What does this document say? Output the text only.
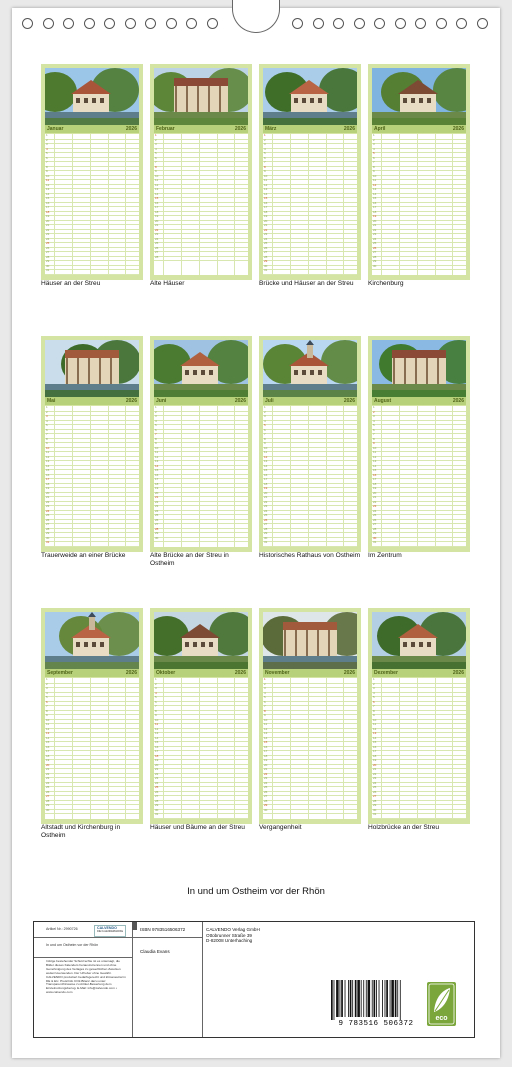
Januar	2026
1
2
3
4
5
6
7
8
9
10
11
12
13
14
15
16
17
18
19
20
21
22
23
24
25
26
27
28
29
30
31
Häuser an der Streu
Februar	2026
1
2
3
4
5
6
7
8
9
10
11
12
13
14
15
16
17
18
19
20
21
22
23
24
25
26
27
28
Alte Häuser
März	2026
1
2
3
4
5
6
7
8
9
10
11
12
13
14
15
16
17
18
19
20
21
22
23
24
25
26
27
28
29
30
31
Brücke und Häuser an der Streu
April	2026
1
2
3
4
5
6
7
8
9
10
11
12
13
14
15
16
17
18
19
20
21
22
23
24
25
26
27
28
29
30
Kirchenburg
Mai	2026
1
2
3
4
5
6
7
8
9
10
11
12
13
14
15
16
17
18
19
20
21
22
23
24
25
26
27
28
29
30
31
Trauerweide an einer Brücke
Juni	2026
1
2
3
4
5
6
7
8
9
10
11
12
13
14
15
16
17
18
19
20
21
22
23
24
25
26
27
28
29
30
Alte Brücke an der Streu in Ostheim
Juli	2026
1
2
3
4
5
6
7
8
9
10
11
12
13
14
15
16
17
18
19
20
21
22
23
24
25
26
27
28
29
30
31
Historisches Rathaus von Ostheim
August	2026
1
2
3
4
5
6
7
8
9
10
11
12
13
14
15
16
17
18
19
20
21
22
23
24
25
26
27
28
29
30
31
Im Zentrum
September	2026
1
2
3
4
5
6
7
8
9
10
11
12
13
14
15
16
17
18
19
20
21
22
23
24
25
26
27
28
29
30
Altstadt und Kirchenburg in Ostheim
Oktober	2026
1
2
3
4
5
6
7
8
9
10
11
12
13
14
15
16
17
18
19
20
21
22
23
24
25
26
27
28
29
30
31
Häuser und Bäume an der Streu
November	2026
1
2
3
4
5
6
7
8
9
10
11
12
13
14
15
16
17
18
19
20
21
22
23
24
25
26
27
28
29
30
Vergangenheit
Dezember	2026
1
2
3
4
5
6
7
8
9
10
11
12
13
14
15
16
17
18
19
20
21
22
23
24
25
26
27
28
29
30
31
Holzbrücke an der Streu
In und um Ostheim vor der Rhön
Artikel Nr.: 2990726	CALVENDO
DIE KALENDERMARKE
In und um Ostheim vor der Rhön
Infolge bestehender Schutzrechte ist es untersagt, die Bilder dieses Kalenders herauszutrennen und ohne Genehmigung des Verlages zu gewerblichen Zwecken weiterzuverwenden. Der Urheber ohne Gewähr. CALVENDO produziert bedarfsgerecht und klimaneutral in DE & EU. Preis/Info CO2-Bilanz dazu unter: Transparenzhinweise zu Artikel-Bewertung dem Einzelnutzungsbezug. E-Mail: info@calvendo.com • www.calvendo.com
ISBN 9783516506372
Claudia Evans
CALVENDO Verlag GmbH
Ottobrunner Straße 39
D-82008 Unterhaching
9 783516 506372
eco
